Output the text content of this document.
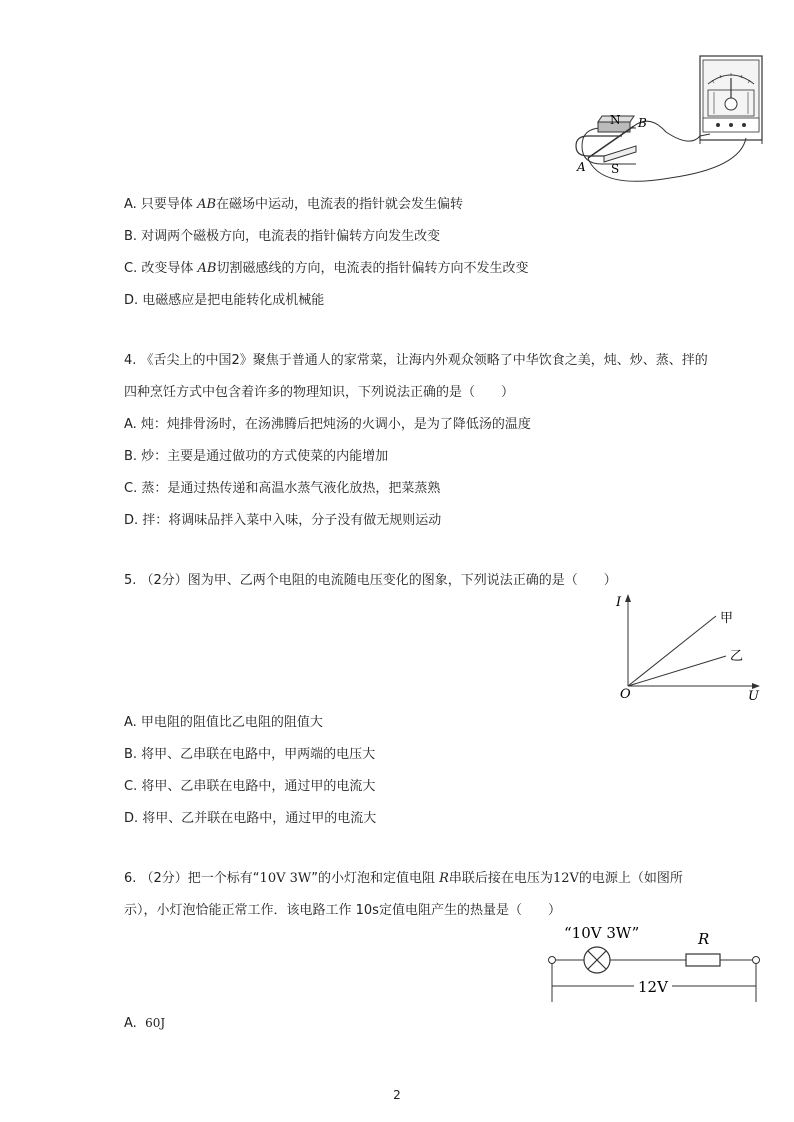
N
S
A
B
A. 只要导体 AB在磁场中运动，电流表的指针就会发生偏转
B. 对调两个磁极方向，电流表的指针偏转方向发生改变
C. 改变导体 AB切割磁感线的方向，电流表的指针偏转方向不发生改变
D. 电磁感应是把电能转化成机械能
4. 《舌尖上的中国2》聚焦于普通人的家常菜，让海内外观众领略了中华饮食之美，炖、炒、蒸、拌的
四种烹饪方式中包含着许多的物理知识，下列说法正确的是（　　）
A. 炖：炖排骨汤时，在汤沸腾后把炖汤的火调小，是为了降低汤的温度
B. 炒：主要是通过做功的方式使菜的内能增加
C. 蒸：是通过热传递和高温水蒸气液化放热，把菜蒸熟
D. 拌：将调味品拌入菜中入味，分子没有做无规则运动
5. （2分）图为甲、乙两个电阻的电流随电压变化的图象，下列说法正确的是（　　）
I
U
O
甲
乙
A. 甲电阻的阻值比乙电阻的阻值大
B. 将甲、乙串联在电路中，甲两端的电压大
C. 将甲、乙串联在电路中，通过甲的电流大
D. 将甲、乙并联在电路中，通过甲的电流大
6. （2分）把一个标有“10V 3W”的小灯泡和定值电阻 R串联后接在电压为12V的电源上（如图所
示），小灯泡恰能正常工作．该电路工作 10s定值电阻产生的热量是（　　）
“10V 3W”	R
12V
A. 60J
2
